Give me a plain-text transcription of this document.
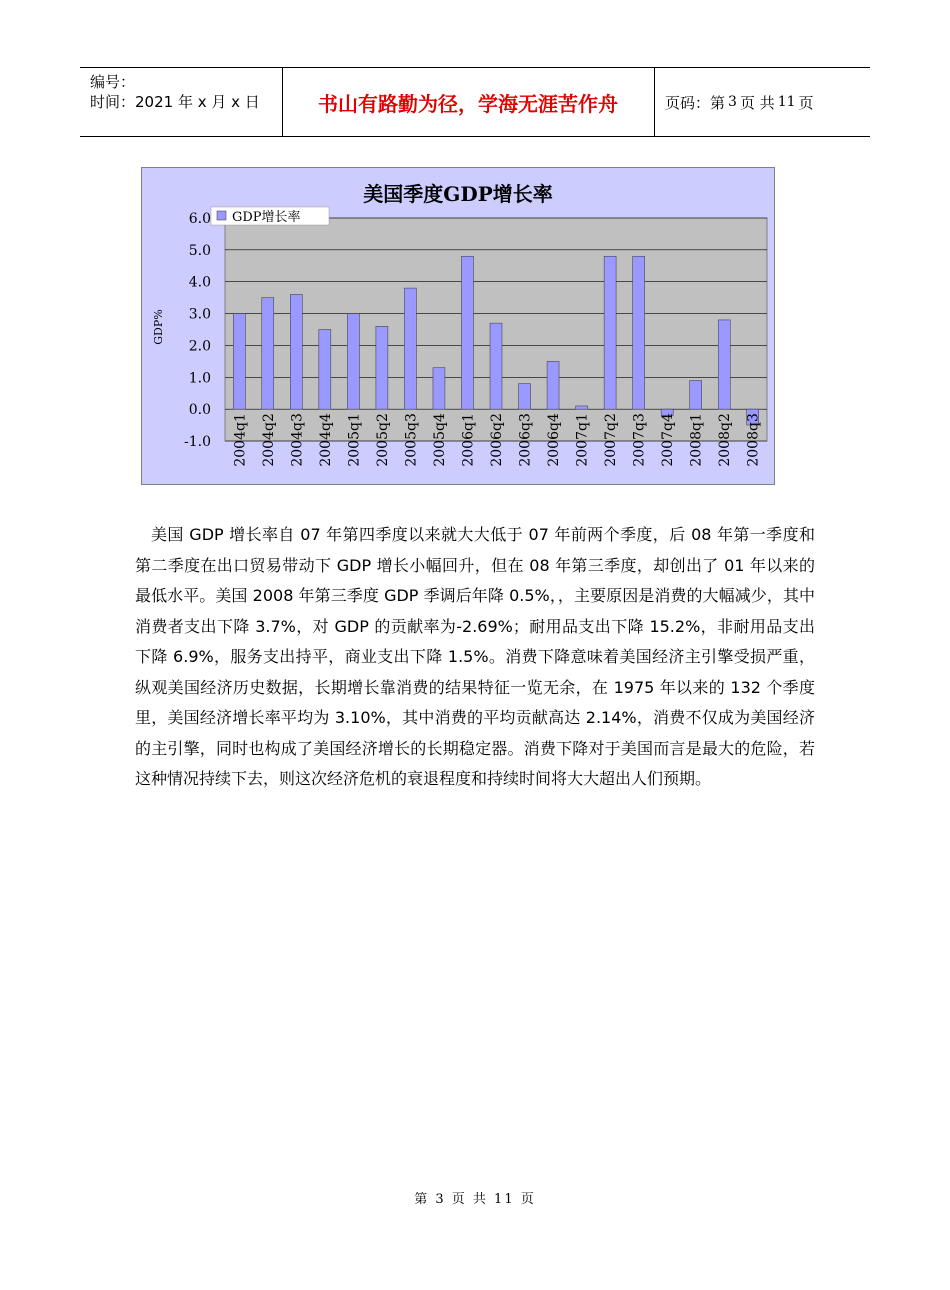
编号：
时间：2021 年 x 月 x 日	书山有路勤为径，学海无涯苦作舟	页码：第 3 页 共 11 页
6.0
5.0
4.0
3.0
2.0
1.0
0.0
-1.0 2004q1 2004q2 2004q3 2004q4 2005q1 2005q2 2005q3 2005q4 2006q1 2006q2 2006q3 2006q4 2007q1 2007q2 2007q3 2007q4 2008q1 2008q2 2008q3
美国季度GDP增长率
GDP%
GDP增长率
美国 GDP 增长率自 07 年第四季度以来就大大低于 07 年前两个季度，后 08 年第一季度和第二季度在出口贸易带动下 GDP 增长小幅回升，但在 08 年第三季度，却创出了 01 年以来的最低水平。美国 2008 年第三季度 GDP 季调后年降 0.5%，，主要原因是消费的大幅减少，其中消费者支出下降 3.7%，对 GDP 的贡献率为-2.69%；耐用品支出下降 15.2%，非耐用品支出下降 6.9%，服务支出持平，商业支出下降 1.5%。消费下降意味着美国经济主引擎受损严重，纵观美国经济历史数据，长期增长靠消费的结果特征一览无余，在 1975 年以来的 132 个季度里，美国经济增长率平均为 3.10%，其中消费的平均贡献高达 2.14%，消费不仅成为美国经济的主引擎，同时也构成了美国经济增长的长期稳定器。消费下降对于美国而言是最大的危险，若这种情况持续下去，则这次经济危机的衰退程度和持续时间将大大超出人们预期。
第 3 页 共 11 页
